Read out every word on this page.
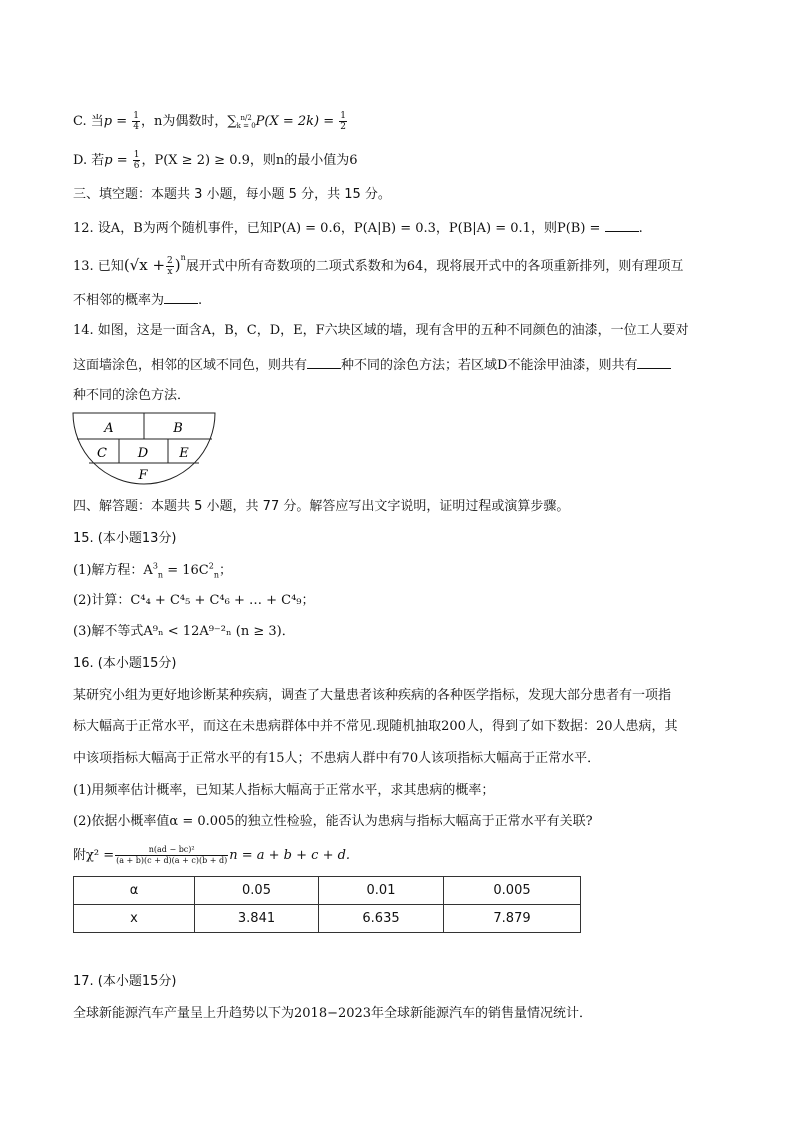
C. 当$p = \frac{1}{4}$ ，n为偶数时，∑ n/2
k = 0 $P(X = 2k) = \frac{1}{2}$
D. 若$p = \frac{1}{6}$ ，P(X ≥ 2) ≥ 0.9，则n的最小值为6
三、填空题：本题共 3 小题，每小题 5 分，共 15 分。
12. 设A，B为两个随机事件，已知P(A) = 0.6，P(A|B) = 0.3，P(B|A) = 0.1，则P(B) =	.
13. 已知$(√x + \frac{2}{x} )^n$展开式中所有奇数项的二项式系数和为64，现将展开式中的各项重新排列，则有理项互
不相邻的概率为	.
14. 如图，这是一面含A，B，C，D，E，F六块区域的墙，现有含甲的五种不同颜色的油漆，一位工人要对
这面墙涂色，相邻的区域不同色，则共有	种不同的涂色方法；若区域D不能涂甲油漆，则共有
种不同的涂色方法．
A	B
C D E
F
四、解答题：本题共 5 小题，共 77 分。解答应写出文字说明，证明过程或演算步骤。
15. (本小题13分)
(1)解方程：$A^3_n = 16C^2_n$；
(2)计算：C⁴₄ + C⁴₅ + C⁴₆ + … + C⁴₉；
(3)解不等式A⁹ₙ < 12A⁹⁻²ₙ (n ≥ 3)．
16. (本小题15分)
某研究小组为更好地诊断某种疾病，调查了大量患者该种疾病的各种医学指标，发现大部分患者有一项指
标大幅高于正常水平，而这在未患病群体中并不常见.现随机抽取200人，得到了如下数据：20人患病，其
中该项指标大幅高于正常水平的有15人；不患病人群中有70人该项指标大幅高于正常水平．
(1)用频率估计概率，已知某人指标大幅高于正常水平，求其患病的概率；
(2)依据小概率值α = 0.005的独立性检验，能否认为患病与指标大幅高于正常水平有关联?
附$\chi^2 = \frac{\text{n(ad − bc)²}}{(a + b)(c + d)(a + c)(b + d)}$ n = a + b + c + d.
α	0.05	0.01	0.005
x	3.841	6.635	7.879
17. (本小题15分)
全球新能源汽车产量呈上升趋势以下为2018−2023年全球新能源汽车的销售量情况统计．
